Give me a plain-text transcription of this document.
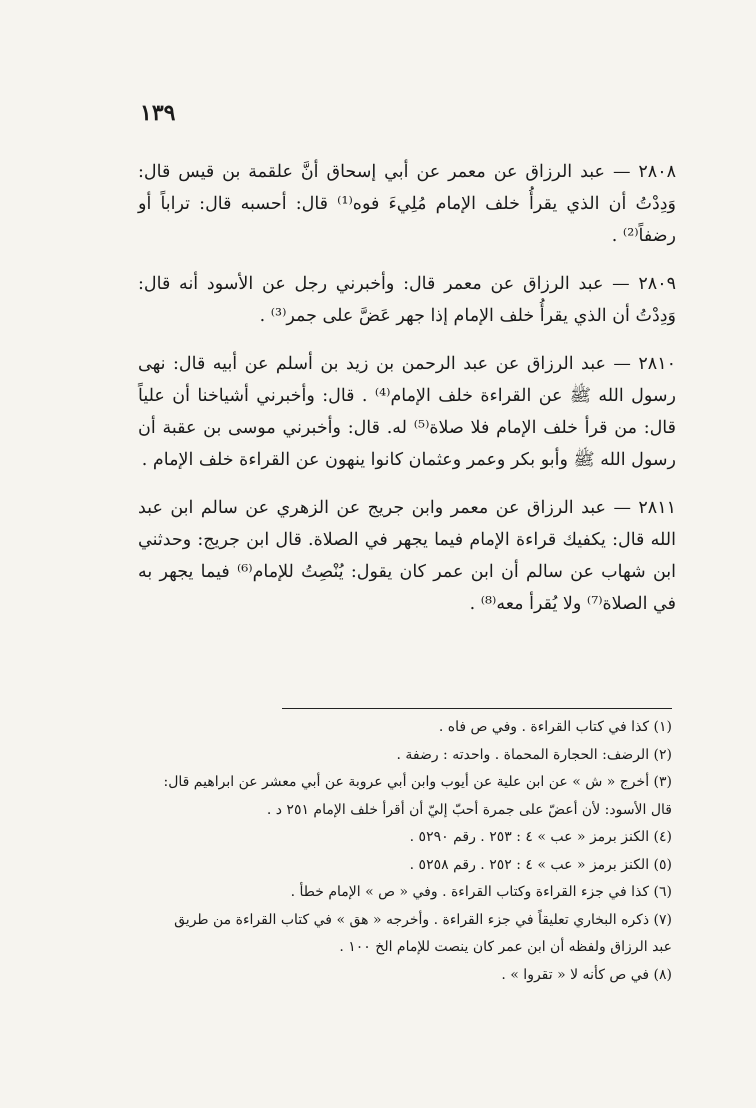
١٣٩

٢٨٠٨ — عبد الرزاق عن معمر عن أبي إسحاق أنَّ علقمة بن قيس قال: وَدِدْتُ أن الذي يقرأُ خلف الإمام مُلِيءَ فوه⁽¹⁾ قال: أحسبه قال: تراباً أو رضفاً⁽²⁾ .

٢٨٠٩ — عبد الرزاق عن معمر قال: وأخبرني رجل عن الأسود أنه قال: وَدِدْتُ أن الذي يقرأُ خلف الإمام إذا جهر عَضَّ على جمر⁽³⁾ .

٢٨١٠ — عبد الرزاق عن عبد الرحمن بن زيد بن أسلم عن أبيه قال: نهى رسول الله ﷺ عن القراءة خلف الإمام⁽⁴⁾ . قال: وأخبرني أشياخنا أن علياً قال: من قرأ خلف الإمام فلا صلاة⁽⁵⁾ له. قال: وأخبرني موسى بن عقبة أن رسول الله ﷺ وأبو بكر وعمر وعثمان كانوا ينهون عن القراءة خلف الإمام .

٢٨١١ — عبد الرزاق عن معمر وابن جريج عن الزهري عن سالم ابن عبد الله قال: يكفيك قراءة الإمام فيما يجهر في الصلاة. قال ابن جريج: وحدثني ابن شهاب عن سالم أن ابن عمر كان يقول: يُنْصِتُ للإمام⁽⁶⁾ فيما يجهر به في الصلاة⁽⁷⁾ ولا يُقرأ معه⁽⁸⁾ .

(١) كذا في كتاب القراءة . وفي ص فاه .

(٢) الرضف: الحجارة المحماة . واحدته : رضفة .

(٣) أخرج « ش » عن ابن علية عن أيوب وابن أبي عروبة عن أبي معشر عن ابراهيم قال: قال الأسود: لأن أعضّ على جمرة أحبّ إليّ أن أقرأ خلف الإمام ٢٥١ د .

(٤) الكنز برمز « عب » ٤ : ٢٥٣ . رقم ٥٢٩٠ .

(٥) الكنز برمز « عب » ٤ : ٢٥٢ . رقم ٥٢٥٨ .

(٦) كذا في جزء القراءة وكتاب القراءة . وفي « ص » الإمام خطأ .

(٧) ذكره البخاري تعليقاً في جزء القراءة . وأخرجه « هق » في كتاب القراءة من طريق عبد الرزاق ولفظه أن ابن عمر كان ينصت للإمام الخ ١٠٠ .

(٨) في ص كأنه لا « تقروا » .
